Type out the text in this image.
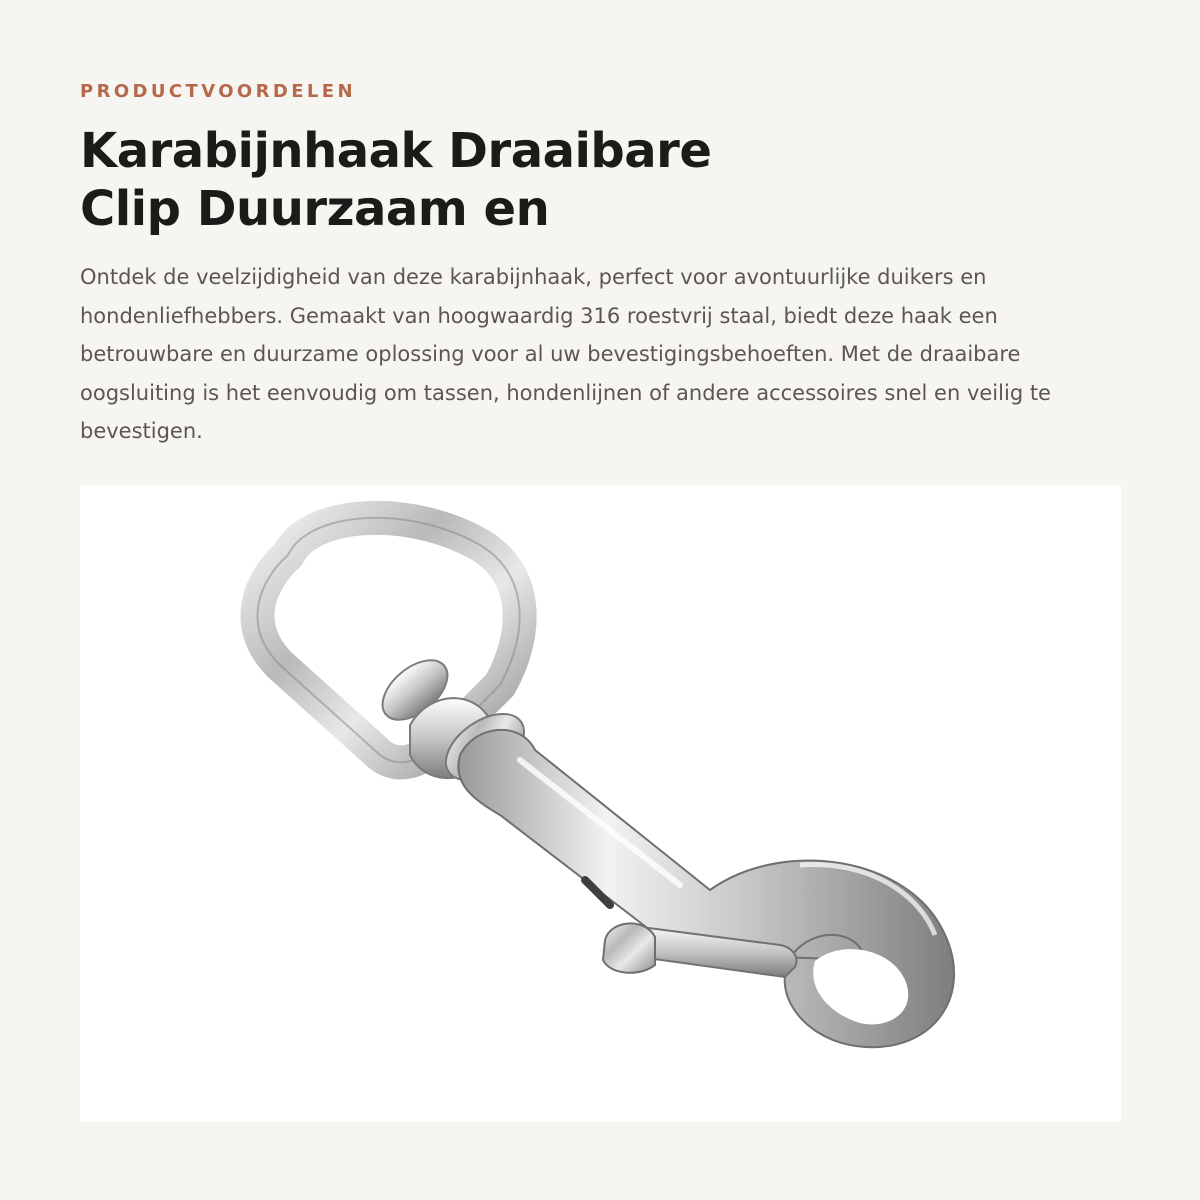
PRODUCTVOORDELEN

Karabijnhaak Draaibare
Clip Duurzaam en

Ontdek de veelzijdigheid van deze karabijnhaak, perfect voor avontuurlijke duikers en hondenliefhebbers. Gemaakt van hoogwaardig 316 roestvrij staal, biedt deze haak een betrouwbare en duurzame oplossing voor al uw bevestigingsbehoeften. Met de draaibare oogsluiting is het eenvoudig om tassen, hondenlijnen of andere accessoires snel en veilig te bevestigen.
